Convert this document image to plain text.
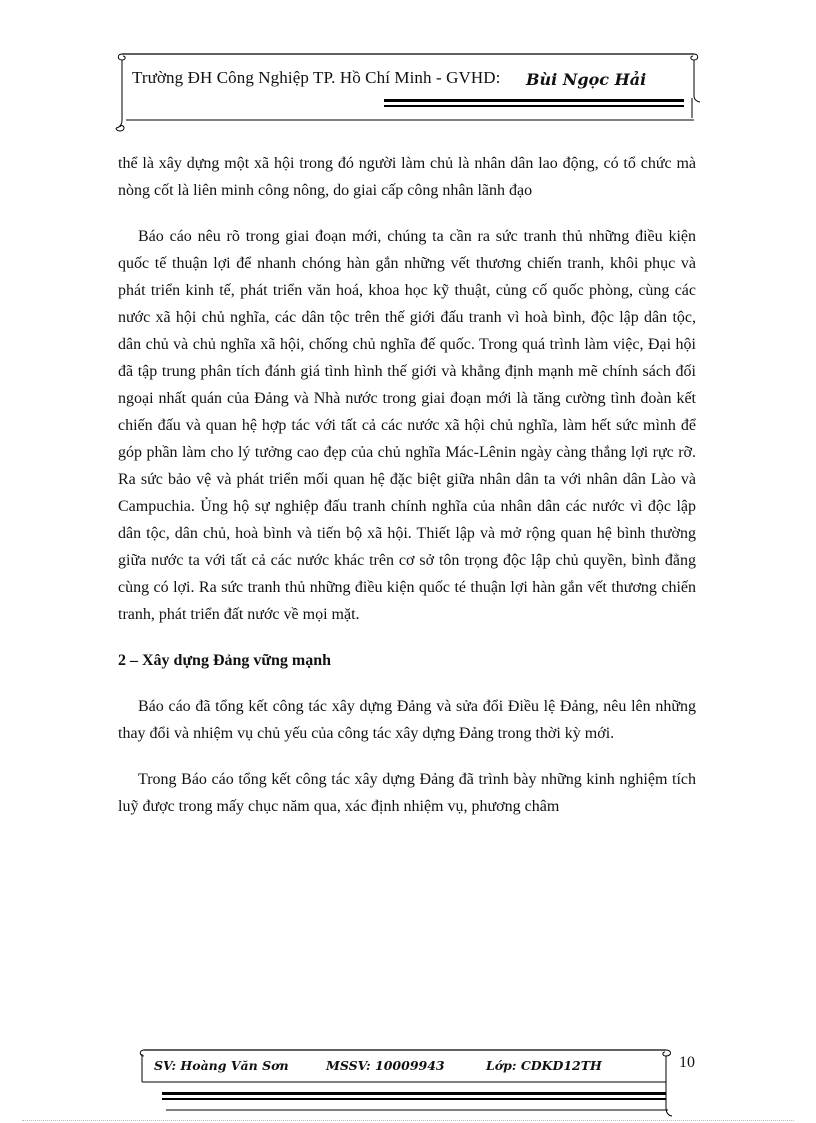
Trường ĐH Công Nghiệp TP. Hồ Chí Minh - GVHD: Bùi Ngọc Hải

thể là xây dựng một xã hội trong đó người làm chủ là nhân dân lao động, có tổ chức mà nòng cốt là liên minh công nông, do giai cấp công nhân lãnh đạo

Báo cáo nêu rõ trong giai đoạn mới, chúng ta cần ra sức tranh thủ những điều kiện quốc tế thuận lợi để nhanh chóng hàn gắn những vết thương chiến tranh, khôi phục và phát triển kinh tế, phát triển văn hoá, khoa học kỹ thuật, củng cố quốc phòng, cùng các nước xã hội chủ nghĩa, các dân tộc trên thế giới đấu tranh vì hoà bình, độc lập dân tộc, dân chủ và chủ nghĩa xã hội, chống chủ nghĩa đế quốc. Trong quá trình làm việc, Đại hội đã tập trung phân tích đánh giá tình hình thế giới và khẳng định mạnh mẽ chính sách đối ngoại nhất quán của Đảng và Nhà nước trong giai đoạn mới là tăng cường tình đoàn kết chiến đấu và quan hệ hợp tác với tất cả các nước xã hội chủ nghĩa, làm hết sức mình để góp phần làm cho lý tưởng cao đẹp của chủ nghĩa Mác-Lênin ngày càng thắng lợi rực rỡ. Ra sức bảo vệ và phát triển mối quan hệ đặc biệt giữa nhân dân ta với nhân dân Lào và Campuchia. Ủng hộ sự nghiệp đấu tranh chính nghĩa của nhân dân các nước vì độc lập dân tộc, dân chủ, hoà bình và tiến bộ xã hội. Thiết lập và mở rộng quan hệ bình thường giữa nước ta với tất cả các nước khác trên cơ sở tôn trọng độc lập chủ quyền, bình đẳng cùng có lợi. Ra sức tranh thủ những điều kiện quốc té thuận lợi hàn gắn vết thương chiến tranh, phát triển đất nước về mọi mặt.

2 – Xây dựng Đảng vững mạnh

Báo cáo đã tổng kết công tác xây dựng Đảng và sửa đổi Điều lệ Đảng, nêu lên những thay đổi và nhiệm vụ chủ yếu của công tác xây dựng Đảng trong thời kỳ mới.

Trong Báo cáo tổng kết công tác xây dựng Đảng đã trình bày những kinh nghiệm tích luỹ được trong mấy chục năm qua, xác định nhiệm vụ, phương châm

SV: Hoàng Văn Sơn	MSSV: 10009943	Lớp: CDKD12TH	10
